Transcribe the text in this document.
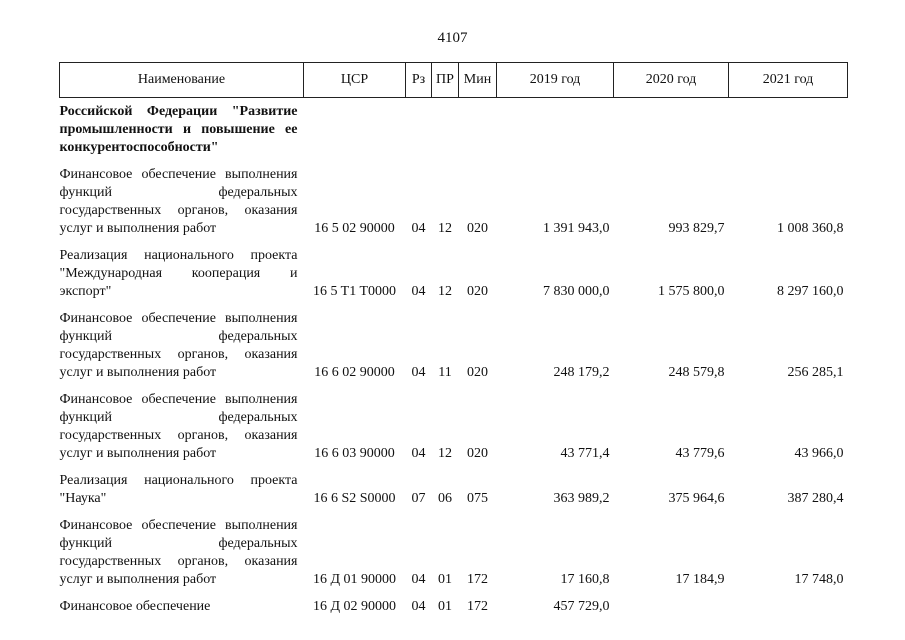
4107
Наименование	ЦСР	Рз	ПР	Мин	2019 год	2020 год	2021 год

Российской Федерации "Развитие промышленности и повышение ее конкурентоспособности"							

Финансовое обеспечение выполнения функций федеральных государственных органов, оказания услуг и выполнения работ	16 5 02 90000	04	12	020	1 391 943,0	993 829,7	1 008 360,8

Реализация национального проекта "Международная кооперация и экспорт"	16 5 T1 T0000	04	12	020	7 830 000,0	1 575 800,0	8 297 160,0

Финансовое обеспечение выполнения функций федеральных государственных органов, оказания услуг и выполнения работ	16 6 02 90000	04	11	020	248 179,2	248 579,8	256 285,1

Финансовое обеспечение выполнения функций федеральных государственных органов, оказания услуг и выполнения работ	16 6 03 90000	04	12	020	43 771,4	43 779,6	43 966,0

Реализация национального проекта "Наука"	16 6 S2 S0000	07	06	075	363 989,2	375 964,6	387 280,4

Финансовое обеспечение выполнения функций федеральных государственных органов, оказания услуг и выполнения работ	16 Д 01 90000	04	01	172	17 160,8	17 184,9	17 748,0

Финансовое обеспечение	16 Д 02 90000	04	01	172	457 729,0		
